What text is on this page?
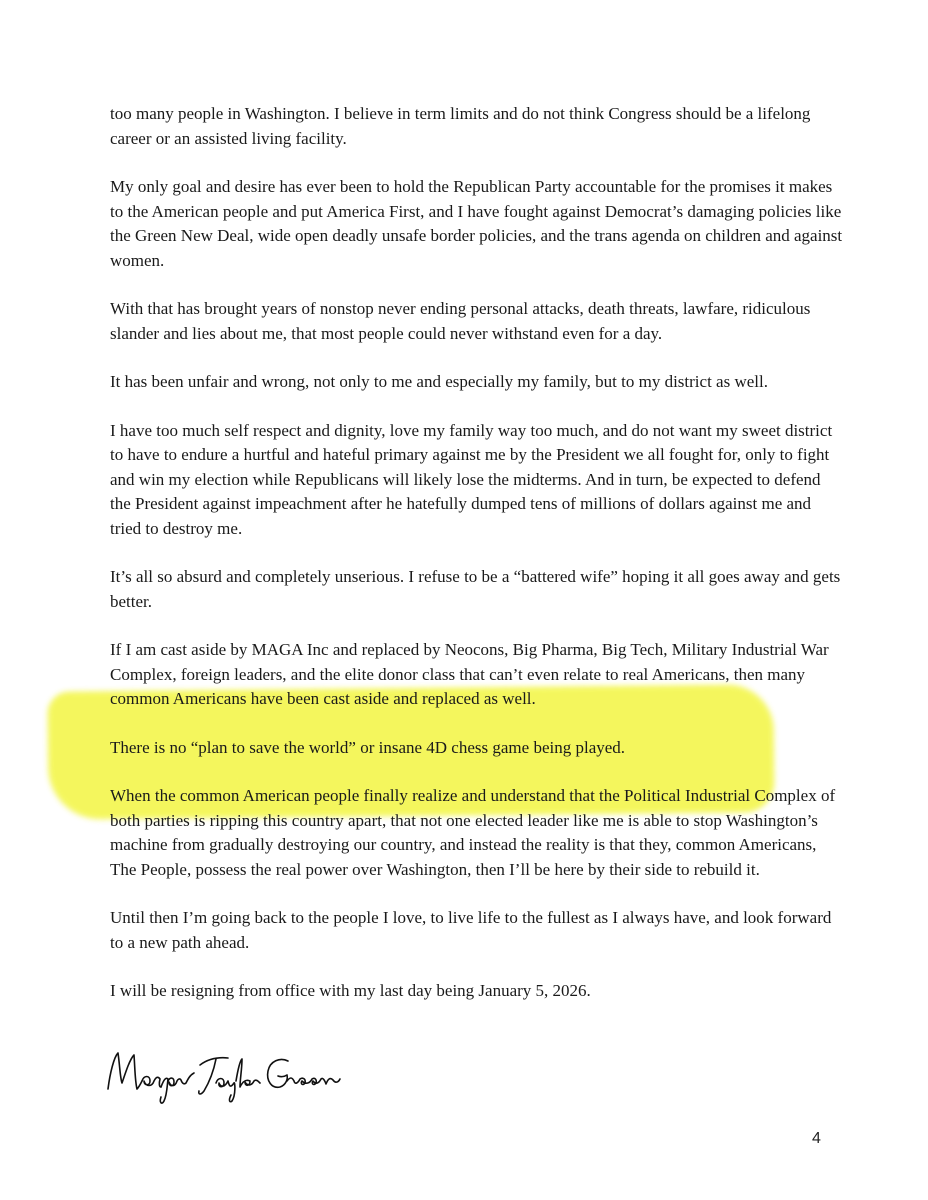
too many people in Washington. I believe in term limits and do not think Congress should be a lifelong career or an assisted living facility.

My only goal and desire has ever been to hold the Republican Party accountable for the promises it makes to the American people and put America First, and I have fought against Democrat’s damaging policies like the Green New Deal, wide open deadly unsafe border policies, and the trans agenda on children and against women.

With that has brought years of nonstop never ending personal attacks, death threats, lawfare, ridiculous slander and lies about me, that most people could never withstand even for a day.

It has been unfair and wrong, not only to me and especially my family, but to my district as well.

I have too much self respect and dignity, love my family way too much, and do not want my sweet district to have to endure a hurtful and hateful primary against me by the President we all fought for, only to fight and win my election while Republicans will likely lose the midterms. And in turn, be expected to defend the President against impeachment after he hatefully dumped tens of millions of dollars against me and tried to destroy me.

It’s all so absurd and completely unserious. I refuse to be a “battered wife” hoping it all goes away and gets better.

If I am cast aside by MAGA Inc and replaced by Neocons, Big Pharma, Big Tech, Military Industrial War Complex, foreign leaders, and the elite donor class that can’t even relate to real Americans, then many common Americans have been cast aside and replaced as well.

There is no “plan to save the world” or insane 4D chess game being played.

When the common American people finally realize and understand that the Political Industrial Complex of both parties is ripping this country apart, that not one elected leader like me is able to stop Washington’s machine from gradually destroying our country, and instead the reality is that they, common Americans, The People, possess the real power over Washington, then I’ll be here by their side to rebuild it.

Until then I’m going back to the people I love, to live life to the fullest as I always have, and look forward to a new path ahead.

I will be resigning from office with my last day being January 5, 2026.

4
